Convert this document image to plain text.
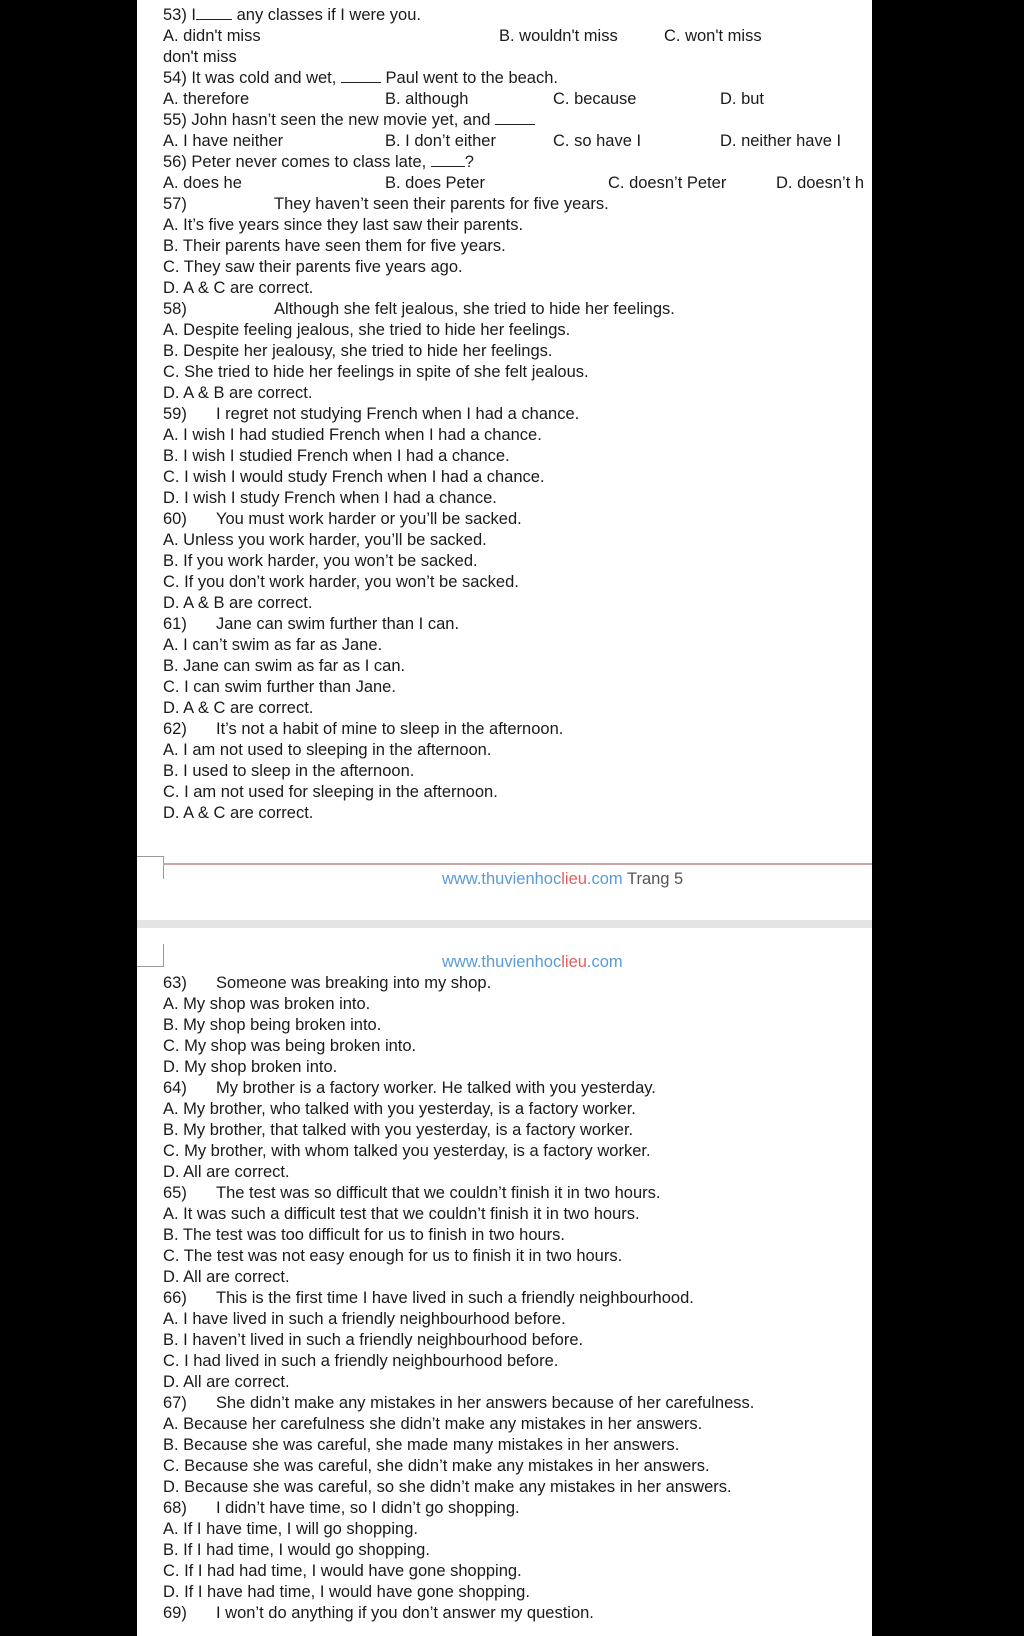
53) I any classes if I were you.
A. didn't miss	B. wouldn't miss	C. won't miss
don't miss
54) It was cold and wet,	Paul went to the beach.
A. therefore	B. although	C. because	D. but
55) John hasn’t seen the new movie yet, and
A. I have neither	B. I don’t either	C. so have I	D. neither have I
56) Peter never comes to class late, ?
A. does he	B. does Peter	C. doesn’t Peter	D. doesn’t h
57)	They haven’t seen their parents for five years.
A. It’s five years since they last saw their parents.
B. Their parents have seen them for five years.
C. They saw their parents five years ago.
D. A & C are correct.
58)	Although she felt jealous, she tried to hide her feelings.
A. Despite feeling jealous, she tried to hide her feelings.
B. Despite her jealousy, she tried to hide her feelings.
C. She tried to hide her feelings in spite of she felt jealous.
D. A & B are correct.
59) I regret not studying French when I had a chance.
A. I wish I had studied French when I had a chance.
B. I wish I studied French when I had a chance.
C. I wish I would study French when I had a chance.
D. I wish I study French when I had a chance.
60) You must work harder or you’ll be sacked.
A. Unless you work harder, you’ll be sacked.
B. If you work harder, you won’t be sacked.
C. If you don’t work harder, you won’t be sacked.
D. A & B are correct.
61) Jane can swim further than I can.
A. I can’t swim as far as Jane.
B. Jane can swim as far as I can.
C. I can swim further than Jane.
D. A & C are correct.
62) It’s not a habit of mine to sleep in the afternoon.
A. I am not used to sleeping in the afternoon.
B. I used to sleep in the afternoon.
C. I am not used for sleeping in the afternoon.
D. A & C are correct.
www.thuvienhoclieu.com Trang 5
www.thuvienhoclieu.com
63) Someone was breaking into my shop.
A. My shop was broken into.
B. My shop being broken into.
C. My shop was being broken into.
D. My shop broken into.
64) My brother is a factory worker. He talked with you yesterday.
A. My brother, who talked with you yesterday, is a factory worker.
B. My brother, that talked with you yesterday, is a factory worker.
C. My brother, with whom talked you yesterday, is a factory worker.
D. All are correct.
65) The test was so difficult that we couldn’t finish it in two hours.
A. It was such a difficult test that we couldn’t finish it in two hours.
B. The test was too difficult for us to finish in two hours.
C. The test was not easy enough for us to finish it in two hours.
D. All are correct.
66) This is the first time I have lived in such a friendly neighbourhood.
A. I have lived in such a friendly neighbourhood before.
B. I haven’t lived in such a friendly neighbourhood before.
C. I had lived in such a friendly neighbourhood before.
D. All are correct.
67) She didn’t make any mistakes in her answers because of her carefulness.
A. Because her carefulness she didn’t make any mistakes in her answers.
B. Because she was careful, she made many mistakes in her answers.
C. Because she was careful, she didn’t make any mistakes in her answers.
D. Because she was careful, so she didn’t make any mistakes in her answers.
68) I didn’t have time, so I didn’t go shopping.
A. If I have time, I will go shopping.
B. If I had time, I would go shopping.
C. If I had had time, I would have gone shopping.
D. If I have had time, I would have gone shopping.
69) I won’t do anything if you don’t answer my question.
